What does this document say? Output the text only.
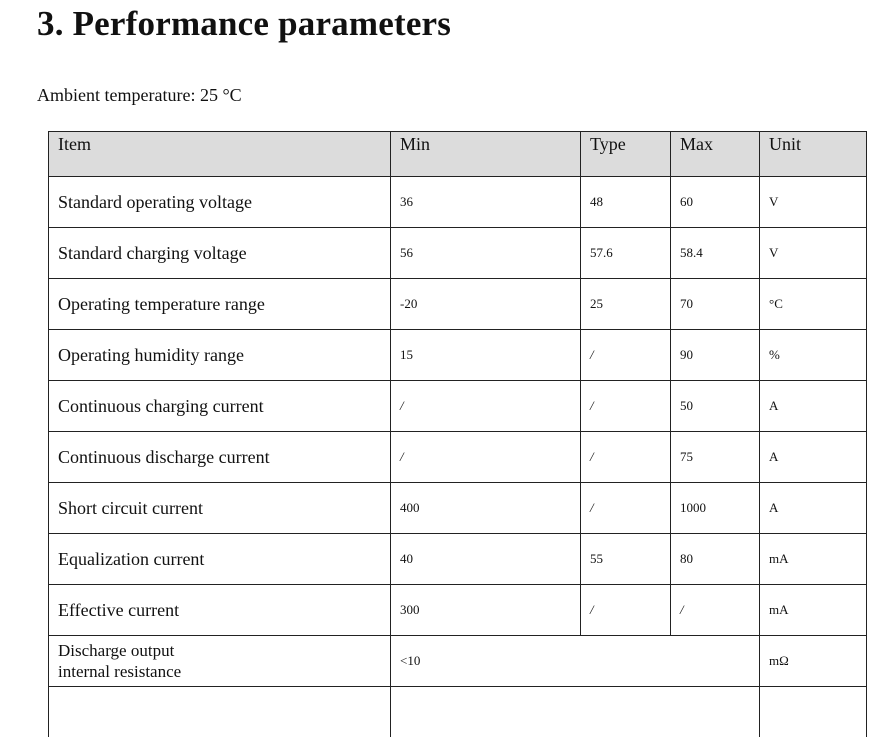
3. Performance parameters

Ambient temperature: 25 °C

Item	Min	Type	Max	Unit
Standard operating voltage	36	48	60	V
Standard charging voltage	56	57.6	58.4	V
Operating temperature range	-20	25	70	°C
Operating humidity range	15	/	90	%
Continuous charging current	/	/	50	A
Continuous discharge current	/	/	75	A
Short circuit current	400	/	1000	A
Equalization current	40	55	80	mA
Effective current	300	/	/	mA
Discharge output
internal resistance	<10			mΩ
